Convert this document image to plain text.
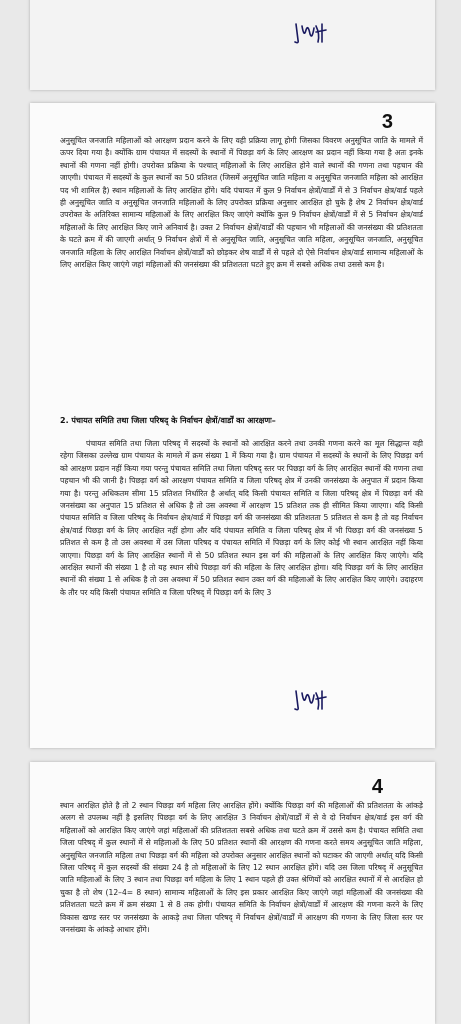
3

अनुसूचित जनजाति महिलाओं को आरक्षण प्रदान करने के लिए वही प्रक्रिया लागू होगी जिसका विवरण अनुसूचित जाति के मामले में ऊपर दिया गया है। क्योंकि ग्राम पंचायत में सदस्यों के स्थानों में पिछड़ा वर्ग के लिए आरक्षण का प्रदान नहीं किया गया है अतः इनके स्थानों की गणना नहीं होगी। उपरोक्त प्रक्रिया के पश्चात् महिलाओं के लिए आरक्षित होने वाले स्थानों की गणना तथा पहचान की जाएगी। पंचायत में सदस्यों के कुल स्थानों का 50 प्रतिशत (जिसमें अनुसूचित जाति महिला व अनुसूचित जनजाति महिला को आरक्षित पद भी शामिल है) स्थान महिलाओं के लिए आरक्षित होंगे। यदि पंचायत में कुल 9 निर्वाचन क्षेत्रों/वार्डों में से 3 निर्वाचन क्षेत्र/वार्ड पहले ही अनुसूचित जाति व अनुसूचित जनजाति महिलाओं के लिए उपरोक्त प्रक्रिया अनुसार आरक्षित हो चुके है शेष 2 निर्वाचन क्षेत्र/वार्ड उपरोक्त के अतिरिक्त सामान्य महिलाओं के लिए आरक्षित किए जाएंगे क्योंकि कुल 9 निर्वाचन क्षेत्रों/वार्डों में से 5 निर्वाचन क्षेत्र/वार्ड महिलाओं के लिए आरक्षित किए जाने अनिवार्य है। उक्त 2 निर्वाचन क्षेत्रों/वार्डों की पहचान भी महिलाओं की जनसंख्या की प्रतिशतता के घटते क्रम में की जाएगी अर्थात् 9 निर्वाचन क्षेत्रों में से अनुसूचित जाति, अनुसूचित जाति महिला, अनुसूचित जनजाति, अनुसूचित जनजाति महिला के लिए आरक्षित निर्वाचन क्षेत्रों/वार्डों को छोड़कर शेष वार्डों में से पहले दो ऐसे निर्वाचन क्षेत्र/वार्ड सामान्य महिलाओं के लिए आरक्षित किए जाएंगे जहां महिलाओं की जनसंख्या की प्रतिशतता घटते हुए क्रम में सबसे अधिक तथा उससे कम है।

2. पंचायत समिति तथा जिला परिषद् के निर्वाचन क्षेत्रों/वार्डों का आरक्षणः–

पंचायत समिति तथा जिला परिषद् में सदस्यों के स्थानों को आरक्षित करने तथा उनकी गणना करने का मूल सिद्धान्त वही रहेगा जिसका उल्लेख ग्राम पंचायत के मामले में क्रम संख्या 1 में किया गया है। ग्राम पंचायत में सदस्यों के स्थानों के लिए पिछड़ा वर्ग को आरक्षण प्रदान नहीं किया गया परन्तु पंचायत समिति तथा जिला परिषद् स्तर पर पिछड़ा वर्ग के लिए आरक्षित स्थानों की गणना तथा पहचान भी की जानी है। पिछड़ा वर्ग को आरक्षण पंचायत समिति व जिला परिषद् क्षेत्र में उनकी जनसंख्या के अनुपात में प्रदान किया गया है। परन्तु अधिकतम सीमा 15 प्रतिशत निर्धारित है अर्थात् यदि किसी पंचायत समिति व जिला परिषद् क्षेत्र में पिछड़ा वर्ग की जनसंख्या का अनुपात 15 प्रतिशत से अधिक है तो उस अवस्था में आरक्षण 15 प्रतिशत तक ही सीमित किया जाएगा। यदि किसी पंचायत समिति व जिला परिषद् के निर्वाचन क्षेत्र/वार्ड में पिछड़ा वर्ग की जनसंख्या की प्रतिशतता 5 प्रतिशत से कम है तो वह निर्वाचन क्षेत्र/वार्ड पिछड़ा वर्ग के लिए आरक्षित नहीं होगा और यदि पंचायत समिति व जिला परिषद् क्षेत्र में भी पिछड़ा वर्ग की जनसंख्या 5 प्रतिशत से कम है तो उस अवस्था में उस जिला परिषद व पंचायत समिति में पिछड़ा वर्ग के लिए कोई भी स्थान आरक्षित नहीं किया जाएगा। पिछड़ा वर्ग के लिए आरक्षित स्थानों में से 50 प्रतिशत स्थान इस वर्ग की महिलाओं के लिए आरक्षित किए जाएंगे। यदि आरक्षित स्थानों की संख्या 1 है तो यह स्थान सीधे पिछड़ा वर्ग की महिला के लिए आरक्षित होगा। यदि पिछड़ा वर्ग के लिए आरक्षित स्थानों की संख्या 1 से अधिक है तो उस अवस्था में 50 प्रतिशत स्थान उक्त वर्ग की महिलाओं के लिए आरक्षित किए जाएंगे। उदाहरण के तौर पर यदि किसी पंचायत समिति व जिला परिषद् में पिछड़ा वर्ग के लिए 3

4

स्थान आरक्षित होते है तो 2 स्थान पिछड़ा वर्ग महिला लिए आरक्षित होंगे। क्योंकि पिछड़ा वर्ग की महिलाओं की प्रतिशतता के आंकड़े अलग से उपलब्ध नहीं है इसलिए पिछड़ा वर्ग के लिए आरक्षित 3 निर्वाचन क्षेत्रों/वार्डों में से वे दो निर्वाचन क्षेत्र/वार्ड इस वर्ग की महिलाओं को आरक्षित किए जाएंगे जहां महिलाओं की प्रतिशतता सबसे अधिक तथा घटते क्रम में उससे कम है। पंचायत समिति तथा जिला परिषद् में कुल स्थानों में से महिलाओं के लिए 50 प्रतिशत स्थानों की आरक्षण की गणना करते समय अनुसूचित जाति महिला, अनुसूचित जनजाति महिला तथा पिछड़ा वर्ग की महिला को उपरोक्त अनुसार आरक्षित स्थानों को घटाकर की जाएगी अर्थात् यदि किसी जिला परिषद् में कुल सदस्यों की संख्या 24 है तो महिलाओं के लिए 12 स्थान आरक्षित होंगे। यदि उस जिला परिषद् में अनुसूचित जाति महिलाओं के लिए 3 स्थान तथा पिछड़ा वर्ग महिला के लिए 1 स्थान पहले ही उक्त श्रेणियों को आरक्षित स्थानों में से आरक्षित हो चुका है तो शेष (12–4= 8 स्थान) सामान्य महिलाओं के लिए इस प्रकार आरक्षित किए जाएंगे जहां महिलाओं की जनसंख्या की प्रतिशतता घटते क्रम में क्रम संख्या 1 से 8 तक होगी। पंचायत समिति के निर्वाचन क्षेत्रों/वार्डों में आरक्षण की गणना करने के लिए विकास खण्ड स्तर पर जनसंख्या के आकड़े तथा जिला परिषद् में निर्वाचन क्षेत्रों/वार्डों में आरक्षण की गणना के लिए जिला स्तर पर जनसंख्या के आंकड़े आधार होंगे।
